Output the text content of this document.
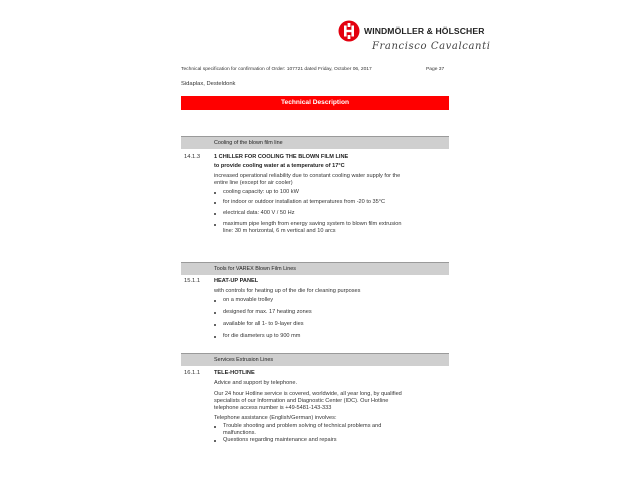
WINDMÖLLER & HÖLSCHER
Francisco Cavalcanti
Technical specification for confirmation of Order: 107721 dated Friday, October 06, 2017	Page 37
Sidaplax, Desteldonk
Technical Description
Cooling of the blown film line
14.1.3 1 CHILLER FOR COOLING THE BLOWN FILM LINE
to provide cooling water at a temperature of 17°C
increased operational reliability due to constant cooling water supply for the
entire line (except for air cooler)
cooling capacity: up to 100 kW
for indoor or outdoor installation at temperatures from -20 to 35°C
electrical data: 400 V / 50 Hz
maximum pipe length from energy saving system to blown film extrusion
line: 30 m horizontal, 6 m vertical and 10 arcs
Tools for VAREX Blown Film Lines
15.1.1 HEAT-UP PANEL
with controls for heating up of the die for cleaning purposes
on a movable trolley
designed for max. 17 heating zones
available for all 1- to 9-layer dies
for die diameters up to 900 mm
Services Extrusion Lines
16.1.1 TELE-HOTLINE
Advice and support by telephone.
Our 24 hour Hotline service is covered, worldwide, all year long, by qualified
specialists of our Information and Diagnostic Center (IDC). Our Hotline
telephone access number is +49-5481-143-333
Telephone assistance (English/German) involves:
Trouble shooting and problem solving of technical problems and
malfunctions.
Questions regarding maintenance and repairs
